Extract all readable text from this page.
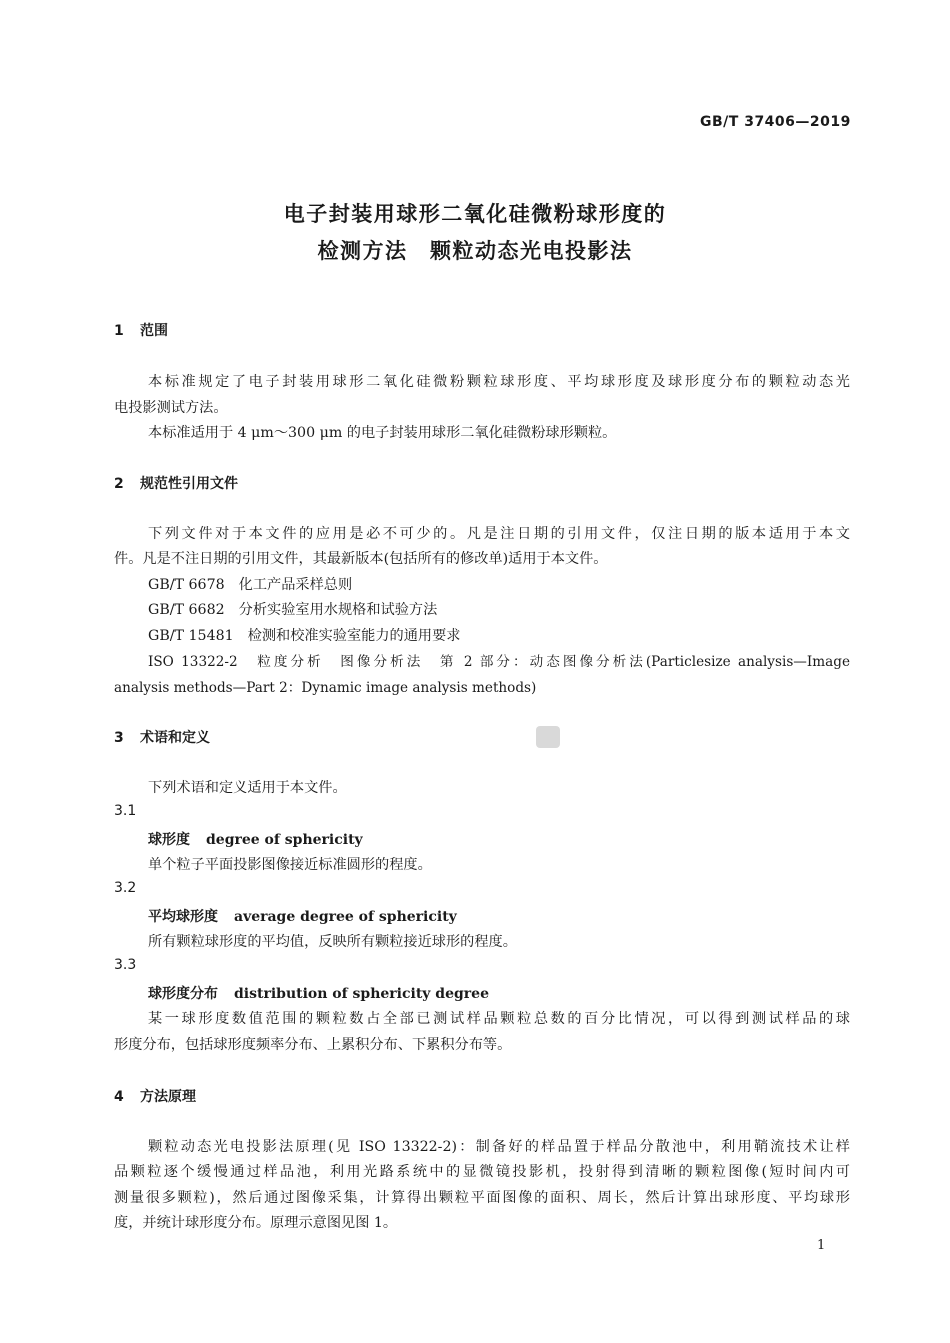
GB/T 37406—2019
电子封装用球形二氧化硅微粉球形度的
检测方法　颗粒动态光电投影法
1 范围
本标准规定了电子封装用球形二氧化硅微粉颗粒球形度、平均球形度及球形度分布的颗粒动态光
电投影测试方法。
本标准适用于 4 μm～300 μm 的电子封装用球形二氧化硅微粉球形颗粒。
2 规范性引用文件
下列文件对于本文件的应用是必不可少的。凡是注日期的引用文件，仅注日期的版本适用于本文
件。凡是不注日期的引用文件，其最新版本(包括所有的修改单)适用于本文件。
GB/T 6678 化工产品采样总则
GB/T 6682 分析实验室用水规格和试验方法
GB/T 15481 检测和校准实验室能力的通用要求
ISO 13322-2　粒度分析　图像分析法　第 2 部分：动态图像分析法(Particlesize analysis—Image
analysis methods—Part 2：Dynamic image analysis methods)
3 术语和定义
下列术语和定义适用于本文件。
3.1
球形度 degree of sphericity
单个粒子平面投影图像接近标准圆形的程度。
3.2
平均球形度 average degree of sphericity
所有颗粒球形度的平均值，反映所有颗粒接近球形的程度。
3.3
球形度分布 distribution of sphericity degree
某一球形度数值范围的颗粒数占全部已测试样品颗粒总数的百分比情况，可以得到测试样品的球
形度分布，包括球形度频率分布、上累积分布、下累积分布等。
4 方法原理
颗粒动态光电投影法原理(见 ISO 13322-2)：制备好的样品置于样品分散池中，利用鞘流技术让样
品颗粒逐个缓慢通过样品池，利用光路系统中的显微镜投影机，投射得到清晰的颗粒图像(短时间内可
测量很多颗粒)，然后通过图像采集，计算得出颗粒平面图像的面积、周长，然后计算出球形度、平均球形
度，并统计球形度分布。原理示意图见图 1。
1
